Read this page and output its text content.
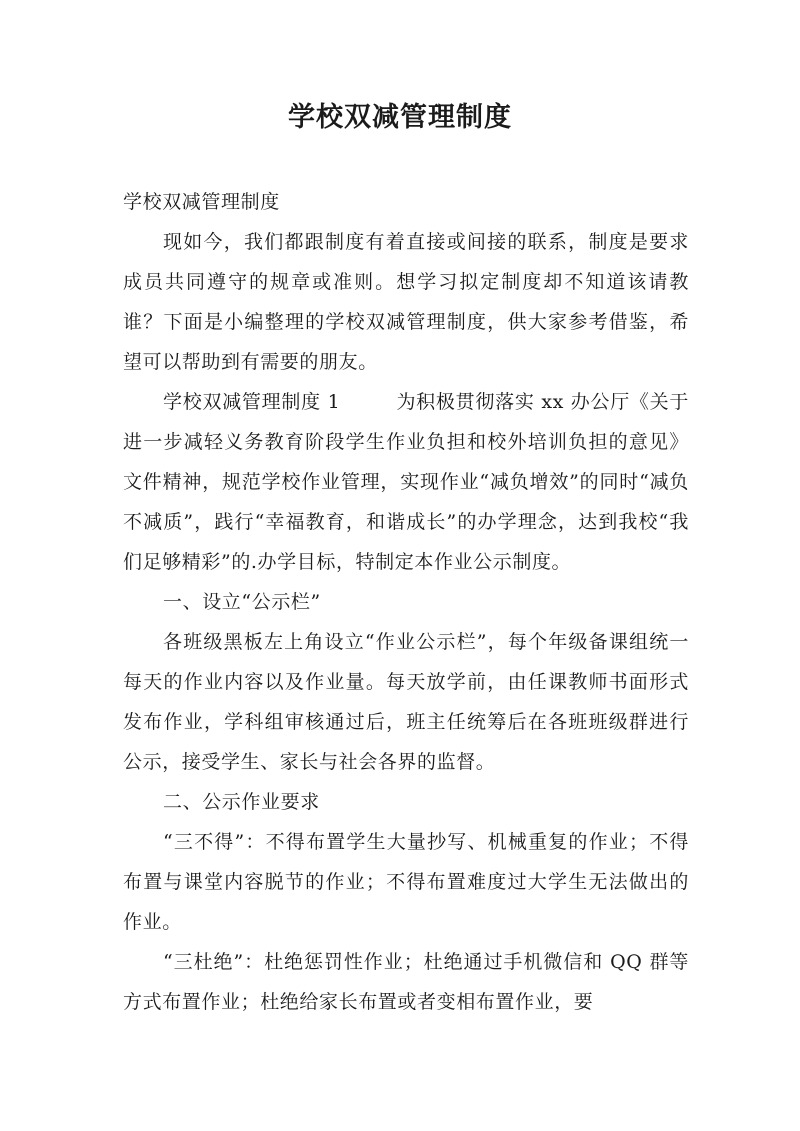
学校双减管理制度

学校双减管理制度

现如今，我们都跟制度有着直接或间接的联系，制度是要求成员共同遵守的规章或准则。想学习拟定制度却不知道该请教谁？下面是小编整理的学校双减管理制度，供大家参考借鉴，希望可以帮助到有需要的朋友。

学校双减管理制度 1	为积极贯彻落实 xx 办公厅《关于进一步减轻义务教育阶段学生作业负担和校外培训负担的意见》文件精神，规范学校作业管理，实现作业“减负增效”的同时“减负不减质”，践行“幸福教育，和谐成长”的办学理念，达到我校“我们足够精彩”的.办学目标，特制定本作业公示制度。

一、设立“公示栏”

各班级黑板左上角设立“作业公示栏”，每个年级备课组统一每天的作业内容以及作业量。每天放学前，由任课教师书面形式发布作业，学科组审核通过后，班主任统筹后在各班班级群进行公示，接受学生、家长与社会各界的监督。

二、公示作业要求

“三不得”：不得布置学生大量抄写、机械重复的作业；不得布置与课堂内容脱节的作业；不得布置难度过大学生无法做出的作业。

“三杜绝”：杜绝惩罚性作业；杜绝通过手机微信和 QQ 群等方式布置作业；杜绝给家长布置或者变相布置作业，要
